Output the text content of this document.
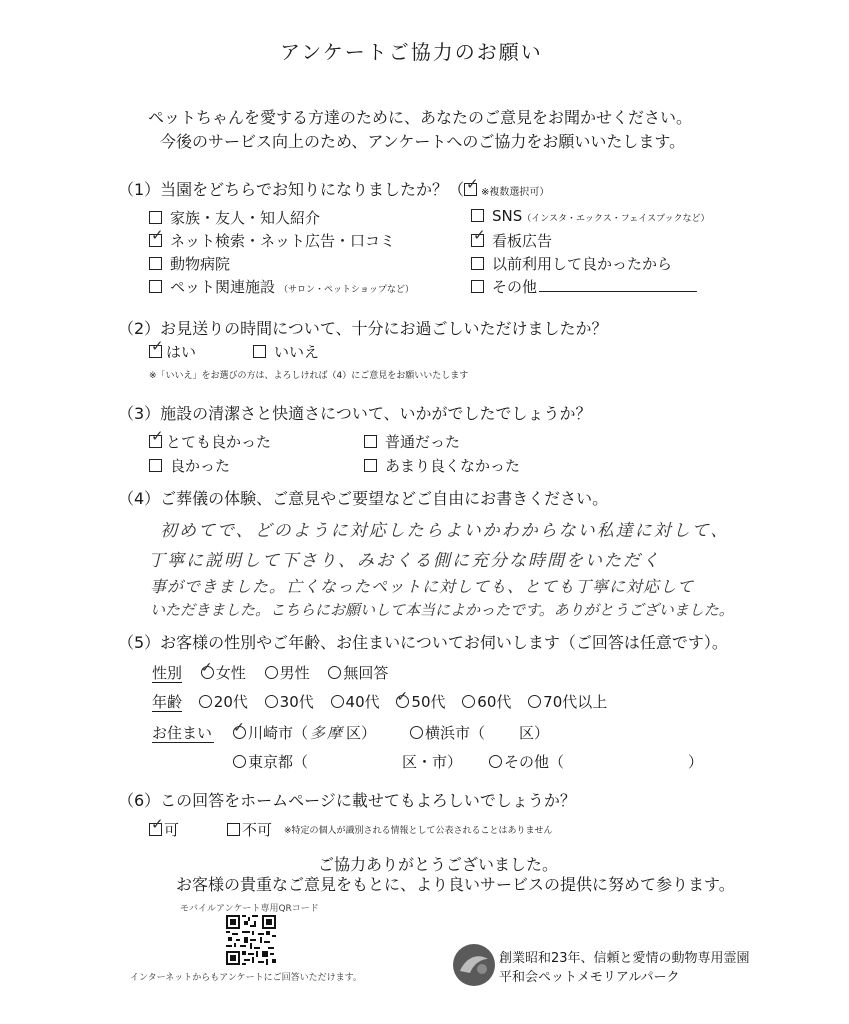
アンケートご協力のお願い
ペットちゃんを愛する方達のために、あなたのご意見をお聞かせください。
今後のサービス向上のため、アンケートへのご協力をお願いいたします。
（1）当園をどちらでお知りになりましたか？（ ✓ ※複数選択可）
家族・友人・知人紹介
✓ ネット検索・ネット広告・口コミ
動物病院
ペット関連施設 （サロン・ペットショップなど）
SNS（インスタ・エックス・フェイスブックなど）
✓ 看板広告
以前利用して良かったから
その他
（2）お見送りの時間について、十分にお過ごしいただけましたか？
✓ はい	いいえ
※「いいえ」をお選びの方は、よろしければ（4）にご意見をお願いいたします
（3）施設の清潔さと快適さについて、いかがでしたでしょうか？
✓ とても良かった	普通だった
良かった	あまり良くなかった
（4）ご葬儀の体験、ご意見やご要望などご自由にお書きください。
初めてで、どのように対応したらよいかわからない私達に対して、
丁寧に説明して下さり、みおくる側に充分な時間をいただく
事ができました。亡くなったペットに対しても、とても丁寧に対応して
いただきました。こちらにお願いして本当によかったです。ありがとうございました。
（5）お客様の性別やご年齢、お住まいについてお伺いします（ご回答は任意です）。
性別 ✓ 女性 男性 無回答
年齢 20代 30代 40代 ✓ 50代 60代 70代以上
お住まい ✓ 川崎市（ 多摩 区）	横浜市（ 区）
東京都（	区・市）	その他（	）
（6）この回答をホームページに載せてもよろしいでしょうか？
✓ 可	不可 ※特定の個人が識別される情報として公表されることはありません
ご協力ありがとうございました。
お客様の貴重なご意見をもとに、より良いサービスの提供に努めて参ります。
モバイルアンケート専用QRコード
インターネットからもアンケートにご回答いただけます。
創業昭和23年、信頼と愛情の動物専用霊園
平和会ペットメモリアルパーク
